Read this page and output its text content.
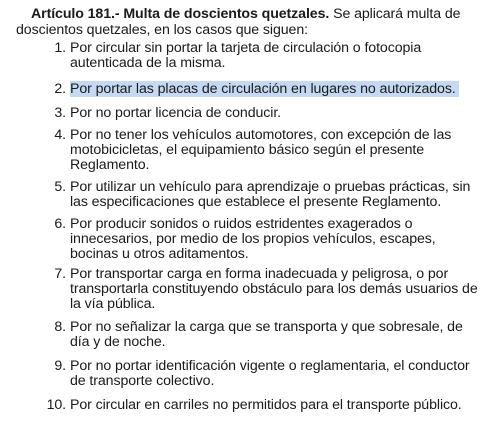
Artículo 181.- Multa de doscientos quetzales. Se aplicará multa de doscientos quetzales, en los casos que siguen:

1. Por circular sin portar la tarjeta de circulación o fotocopia autenticada de la misma.
2. Por portar las placas de circulación en lugares no autorizados.
3. Por no portar licencia de conducir.
4. Por no tener los vehículos automotores, con excepción de las motobicicletas, el equipamiento básico según el presente Reglamento.
5. Por utilizar un vehículo para aprendizaje o pruebas prácticas, sin las especificaciones que establece el presente Reglamento.
6. Por producir sonidos o ruidos estridentes exagerados o innecesarios, por medio de los propios vehículos, escapes, bocinas u otros aditamentos.
7. Por transportar carga en forma inadecuada y peligrosa, o por transportarla constituyendo obstáculo para los demás usuarios de la vía pública.
8. Por no señalizar la carga que se transporta y que sobresale, de día y de noche.
9. Por no portar identificación vigente o reglamentaria, el conductor de transporte colectivo.
10. Por circular en carriles no permitidos para el transporte público.
